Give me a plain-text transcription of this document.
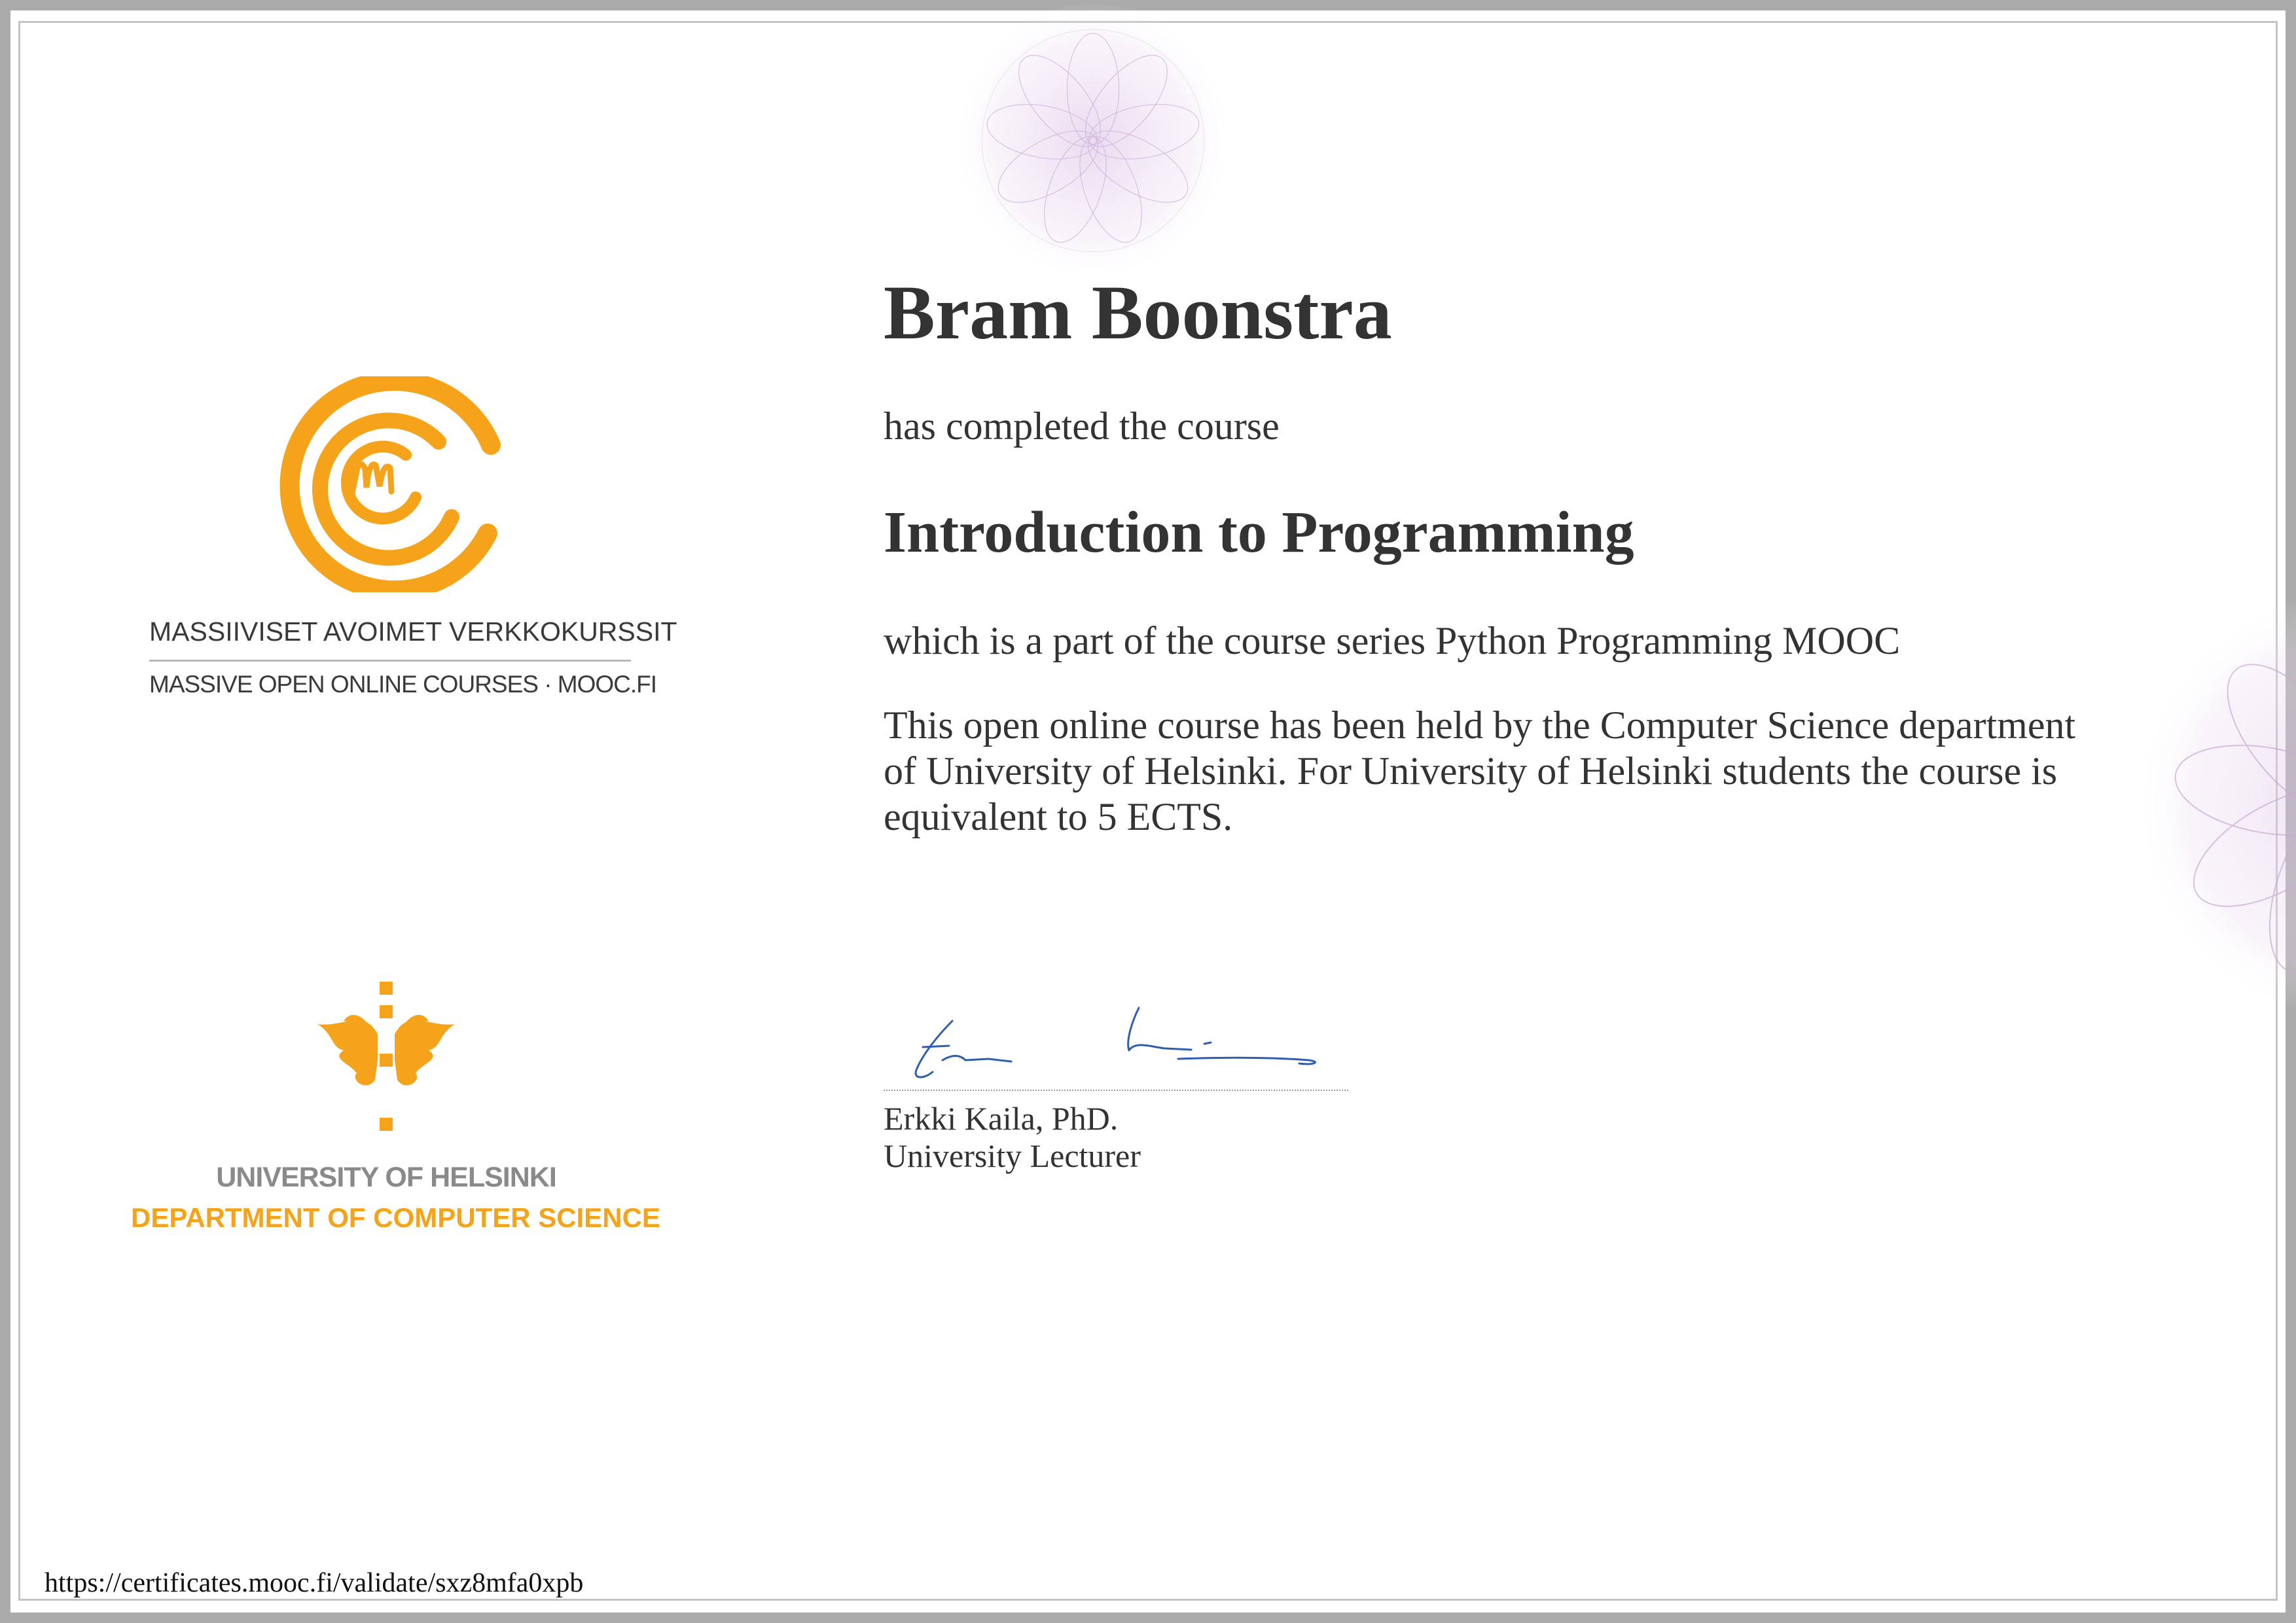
MASSIIVISET AVOIMET VERKKOKURSSIT

MASSIVE OPEN ONLINE COURSES · MOOC.FI

UNIVERSITY OF HELSINKI

DEPARTMENT OF COMPUTER SCIENCE

Bram Boonstra

has completed the course

Introduction to Programming

which is a part of the course series Python Programming MOOC

This open online course has been held by the Computer Science department of University of Helsinki. For University of Helsinki students the course is equivalent to 5 ECTS.

Erkki Kaila, PhD.

University Lecturer

https://certificates.mooc.fi/validate/sxz8mfa0xpb
